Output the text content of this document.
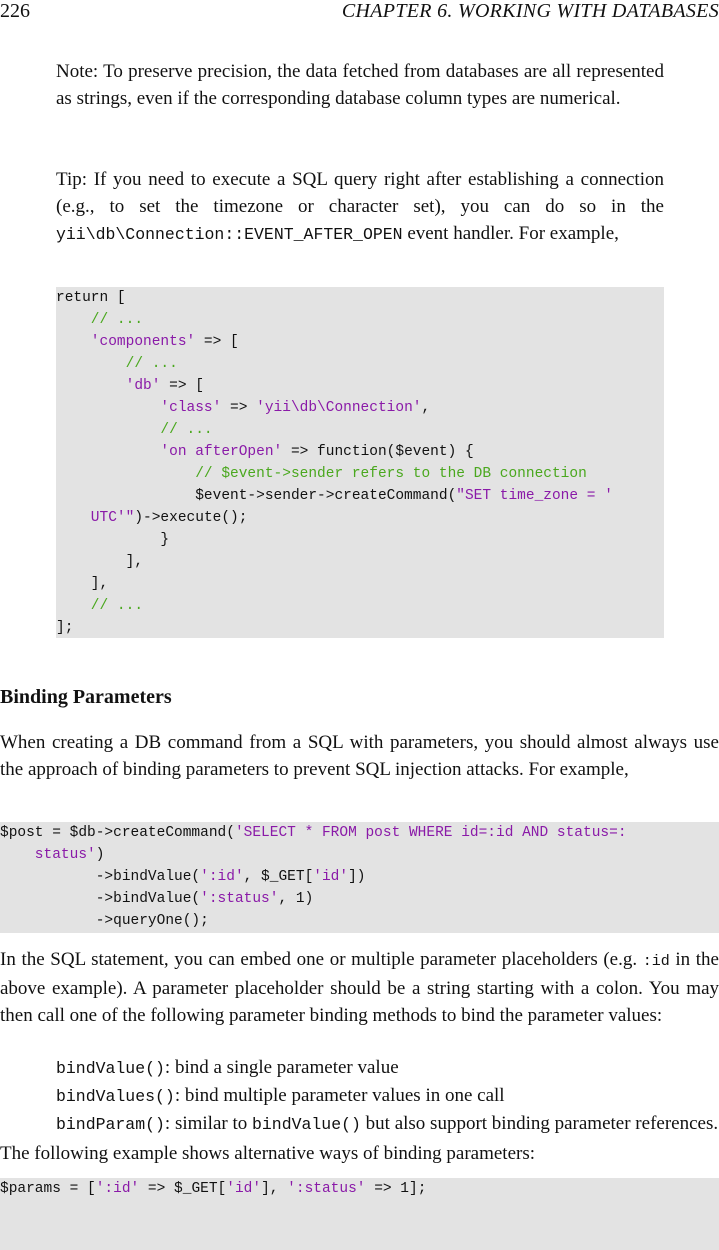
226	CHAPTER 6. WORKING WITH DATABASES

Note: To preserve precision, the data fetched from databases are all represented as strings, even if the corresponding database column types are numerical.

Tip: If you need to execute a SQL query right after establishing a connection (e.g., to set the timezone or character set), you can do so in the yii\db\Connection::EVENT_AFTER_OPEN event handler. For example,

return [
// ...
'components' => [
// ...
'db' => [
'class' => 'yii\db\Connection',
// ...
'on afterOpen' => function($event) {
// $event->sender refers to the DB connection
$event->sender->createCommand("SET time_zone = '
UTC'")->execute();
}
],
],
// ...
];
Binding Parameters

When creating a DB command from a SQL with parameters, you should almost always use the approach of binding parameters to prevent SQL injection attacks. For example,

$post = $db->createCommand('SELECT * FROM post WHERE id=:id AND status=:
status')
->bindValue(':id', $_GET['id'])
->bindValue(':status', 1)
->queryOne();

In the SQL statement, you can embed one or multiple parameter placeholders (e.g. :id in the above example). A parameter placeholder should be a string starting with a colon. You may then call one of the following parameter binding methods to bind the parameter values:

bindValue(): bind a single parameter value
bindValues(): bind multiple parameter values in one call
bindParam(): similar to bindValue() but also support binding parameter references.

The following example shows alternative ways of binding parameters:

$params = [':id' => $_GET['id'], ':status' => 1];
